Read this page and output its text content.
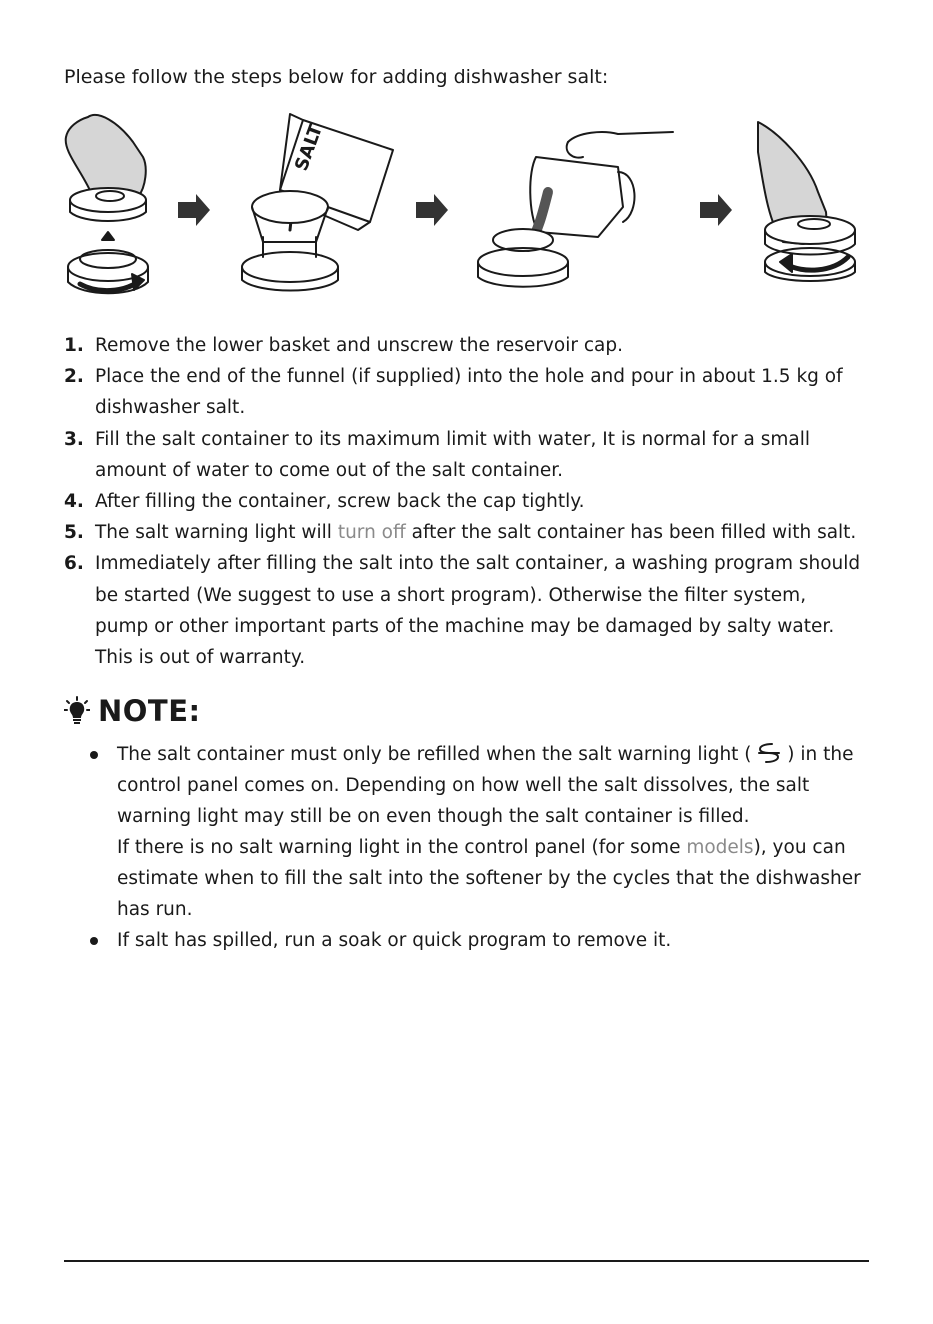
Please follow the steps below for adding dishwasher salt:
SALT
1. Remove the lower basket and unscrew the reservoir cap.
2. Place the end of the funnel (if supplied) into the hole and pour in about 1.5 kg of dishwasher salt.
3. Fill the salt container to its maximum limit with water, It is normal for a small amount of water to come out of the salt container.
4. After filling the container, screw back the cap tightly.
5. The salt warning light will turn off after the salt container has been filled with salt.
6. Immediately after filling the salt into the salt container, a washing program should be started (We suggest to use a short program). Otherwise the filter system, pump or other important parts of the machine may be damaged by salty water. This is out of warranty.
NOTE:

The salt container must only be refilled when the salt warning light (  ) in the control panel comes on. Depending on how well the salt dissolves, the salt warning light may still be on even though the salt container is filled.

If there is no salt warning light in the control panel (for some models), you can estimate when to fill the salt into the softener by the cycles that the dishwasher has run.

If salt has spilled, run a soak or quick program to remove it.
